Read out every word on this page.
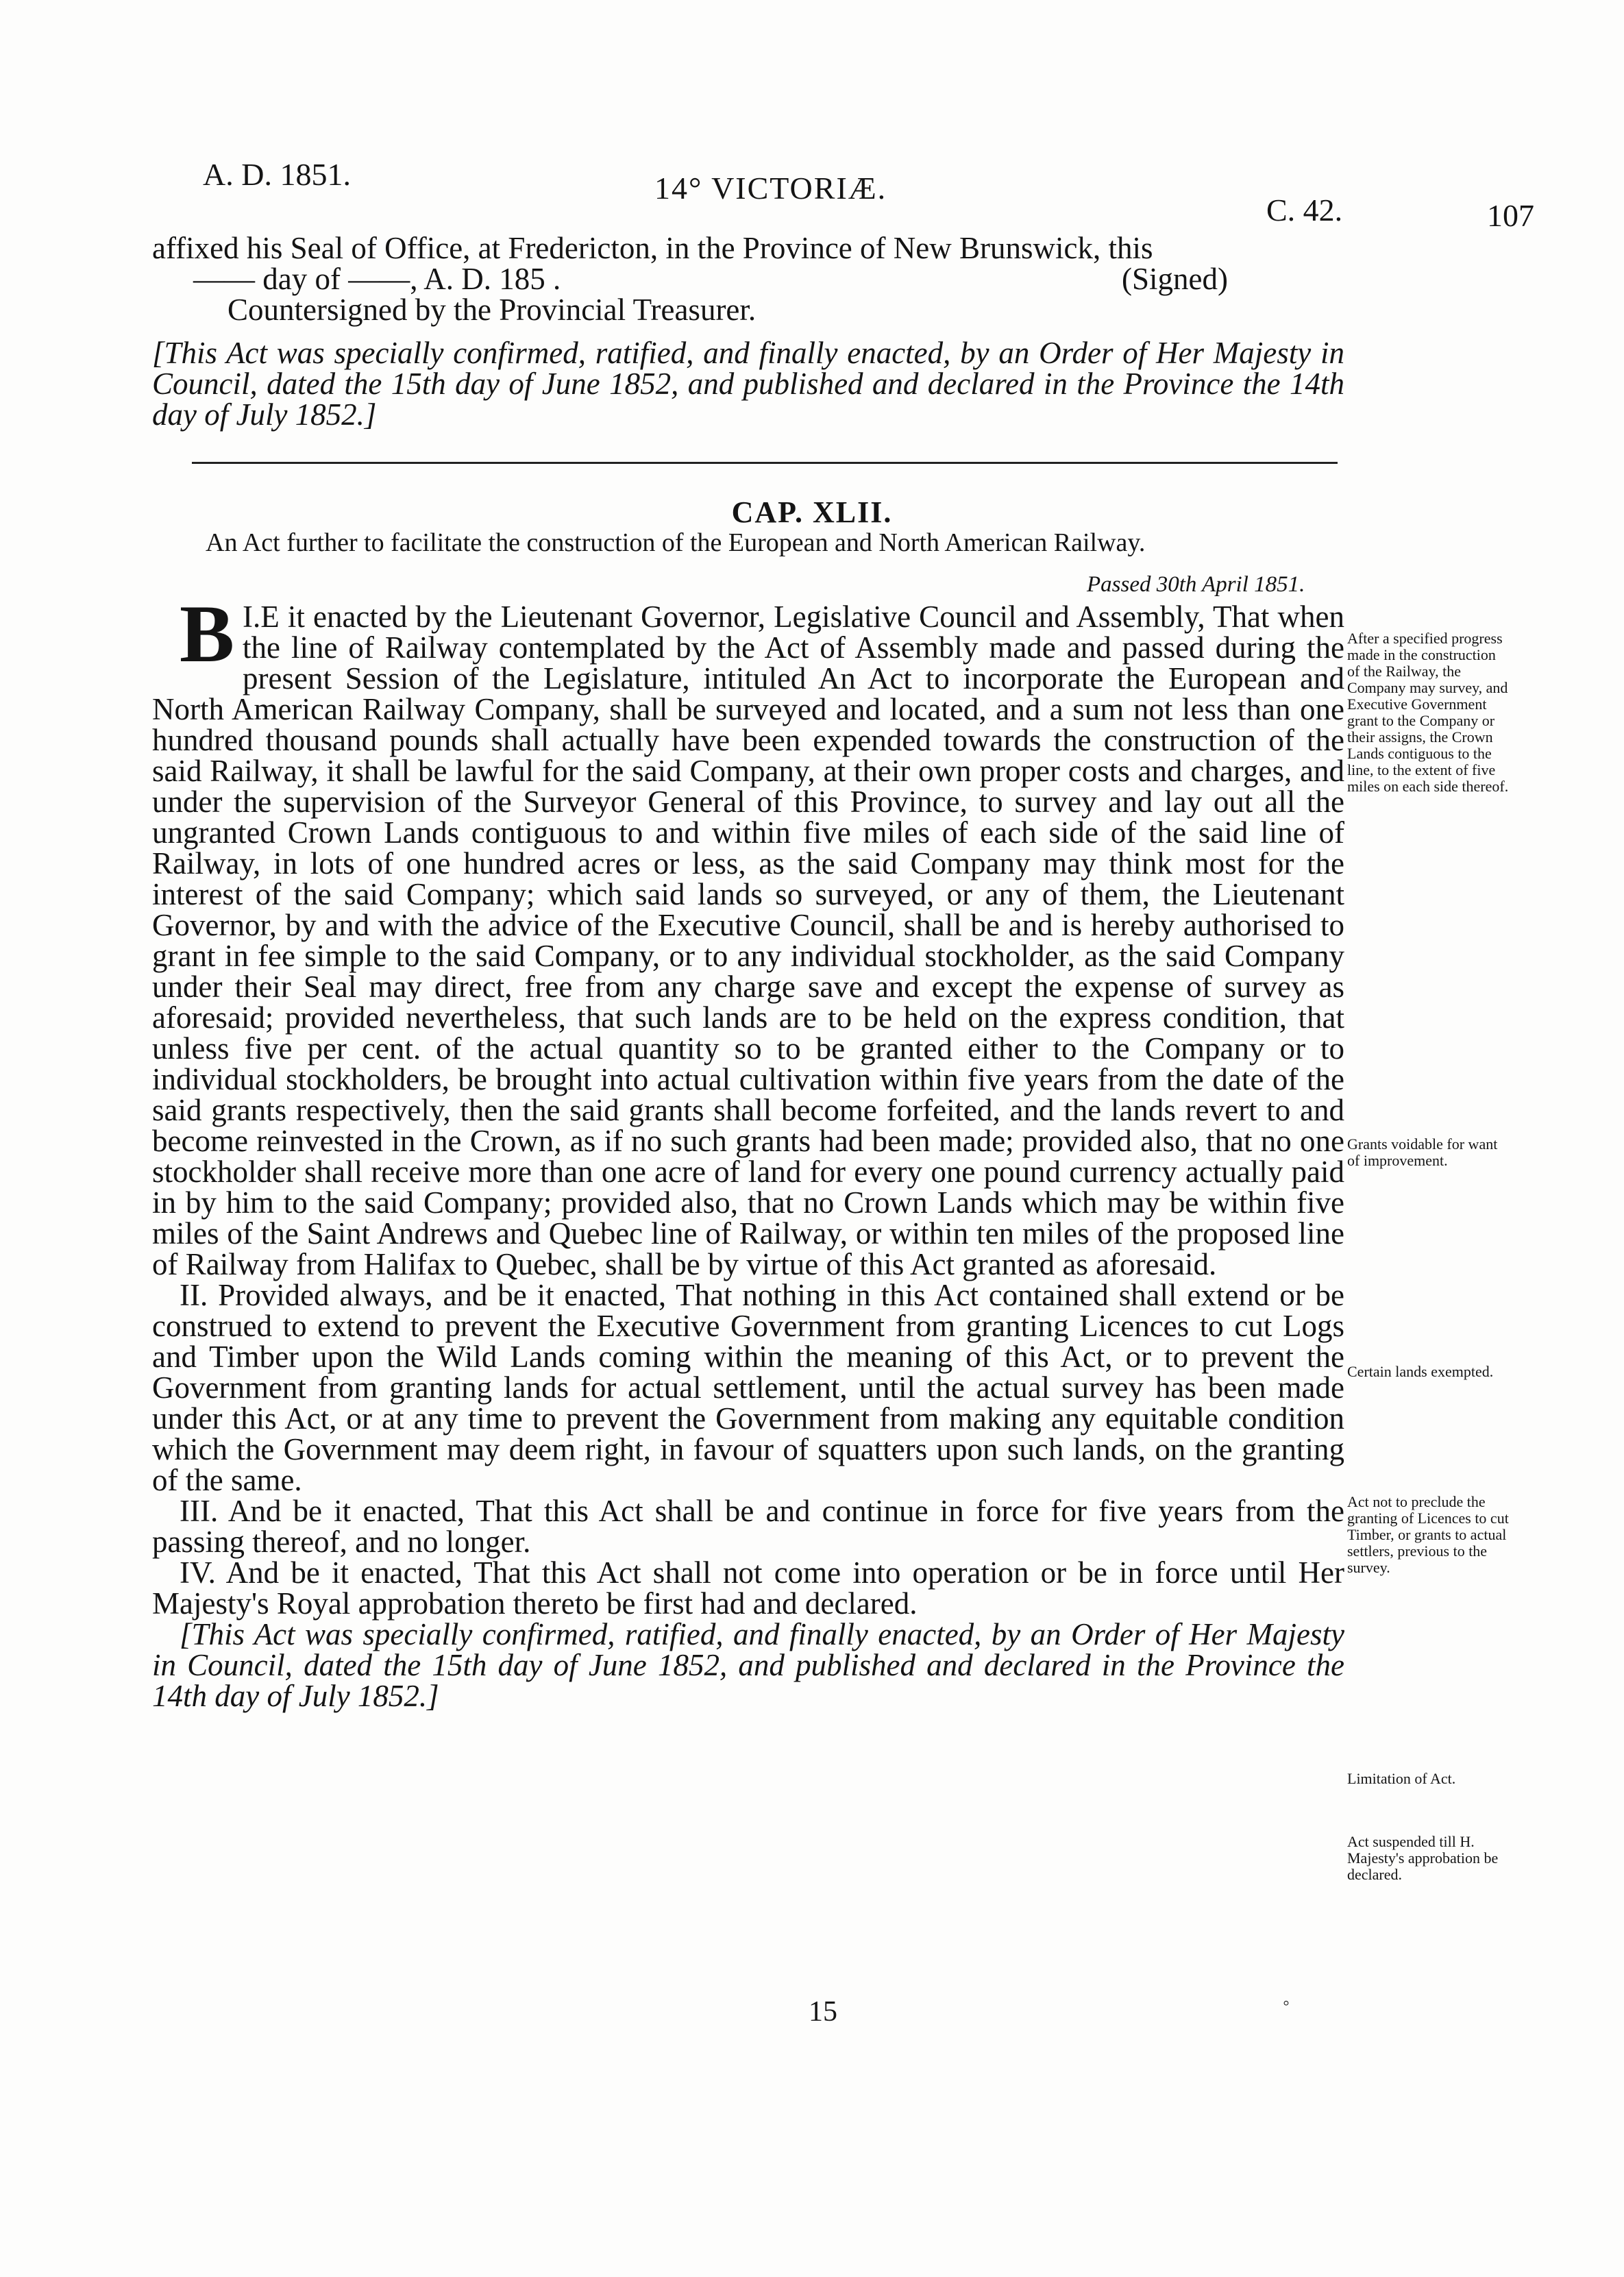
A. D. 1851.	14° VICTORIÆ.
C. 42.	107

affixed his Seal of Office, at Fredericton, in the Province of New Brunswick, this

—— day of ——, A. D. 185 .	(Signed)

Countersigned by the Provincial Treasurer.

[This Act was specially confirmed, ratified, and finally enacted, by an Order of Her Majesty in Council, dated the 15th day of June 1852, and published and declared in the Province the 14th day of July 1852.]

CAP. XLII.
An Act further to facilitate the construction of the European and North American Railway.
Passed 30th April 1851.

I.
B E it enacted by the Lieutenant Governor, Legislative Council and Assembly, That when the line of Railway contemplated by the Act of Assembly made and passed during the present Session of the Legislature, intituled An Act to incorporate the European and North American Railway Company, shall be surveyed and located, and a sum not less than one hundred thousand pounds shall actually have been expended towards the construction of the said Railway, it shall be lawful for the said Company, at their own proper costs and charges, and under the supervision of the Surveyor General of this Province, to survey and lay out all the ungranted Crown Lands contiguous to and within five miles of each side of the said line of Railway, in lots of one hundred acres or less, as the said Company may think most for the interest of the said Company; which said lands so surveyed, or any of them, the Lieutenant Governor, by and with the advice of the Executive Council, shall be and is hereby authorised to grant in fee simple to the said Company, or to any individual stockholder, as the said Company under their Seal may direct, free from any charge save and except the expense of survey as aforesaid; provided nevertheless, that such lands are to be held on the express condition, that unless five per cent. of the actual quantity so to be granted either to the Company or to individual stockholders, be brought into actual cultivation within five years from the date of the said grants respectively, then the said grants shall become forfeited, and the lands revert to and become reinvested in the Crown, as if no such grants had been made; provided also, that no one stockholder shall receive more than one acre of land for every one pound currency actually paid in by him to the said Company; provided also, that no Crown Lands which may be within five miles of the Saint Andrews and Quebec line of Railway, or within ten miles of the proposed line of Railway from Halifax to Quebec, shall be by virtue of this Act granted as aforesaid.

II. Provided always, and be it enacted, That nothing in this Act contained shall extend or be construed to extend to prevent the Executive Government from granting Licences to cut Logs and Timber upon the Wild Lands coming within the meaning of this Act, or to prevent the Government from granting lands for actual settlement, until the actual survey has been made under this Act, or at any time to prevent the Government from making any equitable condition which the Government may deem right, in favour of squatters upon such lands, on the granting of the same.

III. And be it enacted, That this Act shall be and continue in force for five years from the passing thereof, and no longer.

IV. And be it enacted, That this Act shall not come into operation or be in force until Her Majesty's Royal approbation thereto be first had and declared.

[This Act was specially confirmed, ratified, and finally enacted, by an Order of Her Majesty in Council, dated the 15th day of June 1852, and published and declared in the Province the 14th day of July 1852.]

After a specified progress made in the construction of the Railway, the Company may survey, and Executive Government grant to the Company or their assigns, the Crown Lands contiguous to the line, to the extent of five miles on each side thereof.
Grants voidable for want of improvement.
Certain lands exempted.
Act not to preclude the granting of Licences to cut Timber, or grants to actual settlers, previous to the survey.
Limitation of Act.
Act suspended till H. Majesty's approbation be declared.
15	◦
